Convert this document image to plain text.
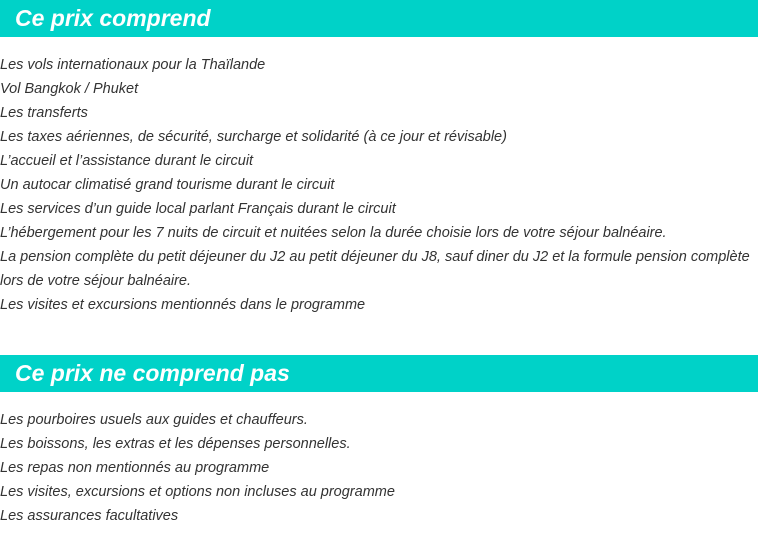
Ce prix comprend
Les vols internationaux pour la Thaïlande
Vol Bangkok / Phuket
Les transferts
Les taxes aériennes, de sécurité, surcharge et solidarité (à ce jour et révisable)
L’accueil et l’assistance durant le circuit
Un autocar climatisé grand tourisme durant le circuit
Les services d’un guide local parlant Français durant le circuit
L’hébergement pour les 7 nuits de circuit et nuitées selon la durée choisie lors de votre séjour balnéaire.
La pension complète du petit déjeuner du J2 au petit déjeuner du J8, sauf diner du J2 et la formule pension complète lors de votre séjour balnéaire.
Les visites et excursions mentionnés dans le programme
Ce prix ne comprend pas
Les pourboires usuels aux guides et chauffeurs.
Les boissons, les extras et les dépenses personnelles.
Les repas non mentionnés au programme
Les visites, excursions et options non incluses au programme
Les assurances facultatives
